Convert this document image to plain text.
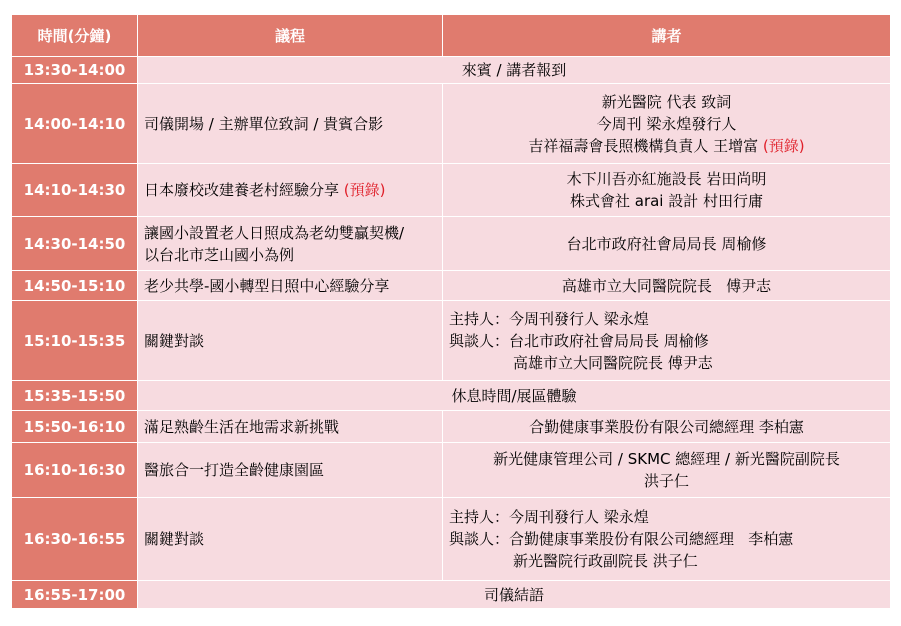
時間(分鐘)	議程	講者
13:30-14:00	來賓 / 講者報到	
14:00-14:10	司儀開場 / 主辦單位致詞 / 貴賓合影	新光醫院 代表 致詞
今周刊 梁永煌發行人
吉祥福壽會長照機構負責人 王增富 (預錄)

14:10-14:30	日本廢校改建養老村經驗分享 (預錄)	木下川吾亦紅施設長 岩田尚明
株式會社 arai 設計 村田行庸

14:30-14:50	讓國小設置老人日照成為老幼雙贏契機/
以台北市芝山國小為例	台北市政府社會局局長 周榆修
14:50-15:10	老少共學-國小轉型日照中心經驗分享	高雄市立大同醫院院長   傅尹志
15:10-15:35	關鍵對談	主持人：今周刊發行人 梁永煌
與談人：台北市政府社會局局長 周榆修
高雄市立大同醫院院長 傅尹志

15:35-15:50	休息時間/展區體驗	
15:50-16:10	滿足熟齡生活在地需求新挑戰	合勤健康事業股份有限公司總經理 李柏憲
16:10-16:30	醫旅合一打造全齡健康園區	新光健康管理公司 / SKMC 總經理 / 新光醫院副院長
洪子仁

16:30-16:55	關鍵對談	主持人：今周刊發行人 梁永煌
與談人：合勤健康事業股份有限公司總經理   李柏憲
新光醫院行政副院長 洪子仁

16:55-17:00	司儀結語	
